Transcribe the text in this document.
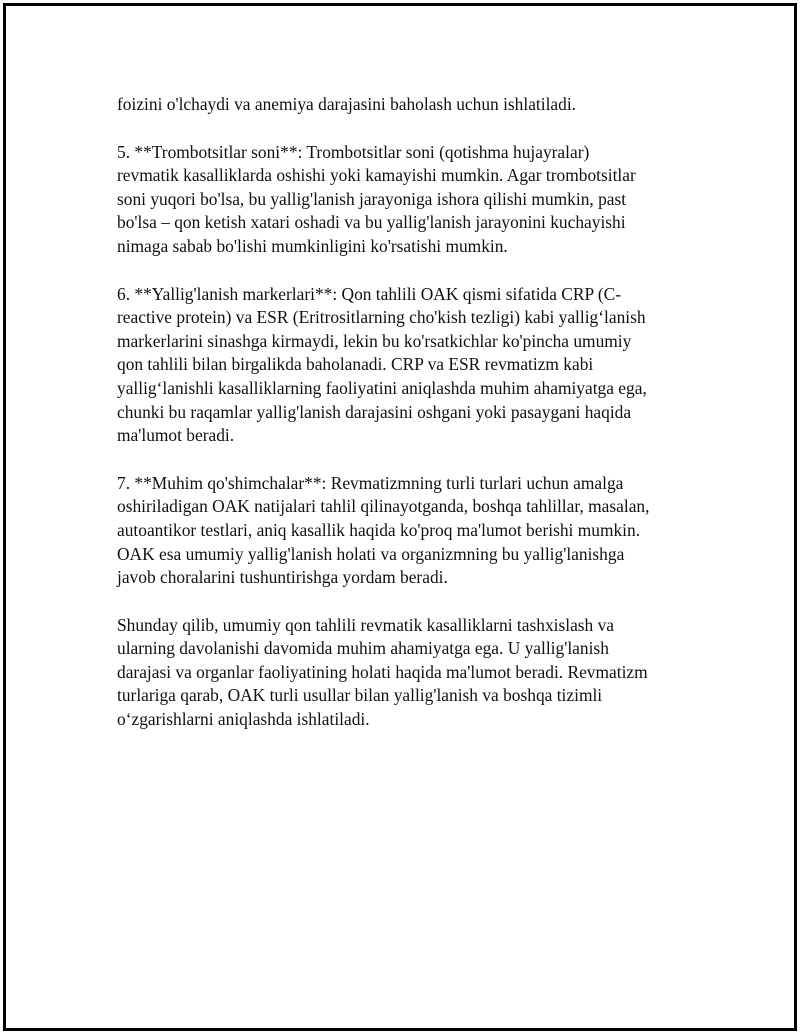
foizini o'lchaydi va anemiya darajasini baholash uchun ishlatiladi.

5. **Trombotsitlar soni**: Trombotsitlar soni (qotishma hujayralar)
revmatik kasalliklarda oshishi yoki kamayishi mumkin. Agar trombotsitlar
soni yuqori bo'lsa, bu yallig'lanish jarayoniga ishora qilishi mumkin, past
bo'lsa – qon ketish xatari oshadi va bu yallig'lanish jarayonini kuchayishi
nimaga sabab bo'lishi mumkinligini ko'rsatishi mumkin.

6. **Yallig'lanish markerlari**: Qon tahlili OAK qismi sifatida CRP (C-
reactive protein) va ESR (Eritrositlarning cho'kish tezligi) kabi yallig‘lanish
markerlarini sinashga kirmaydi, lekin bu ko'rsatkichlar ko'pincha umumiy
qon tahlili bilan birgalikda baholanadi. CRP va ESR revmatizm kabi
yallig‘lanishli kasalliklarning faoliyatini aniqlashda muhim ahamiyatga ega,
chunki bu raqamlar yallig'lanish darajasini oshgani yoki pasaygani haqida
ma'lumot beradi.

7. **Muhim qo'shimchalar**: Revmatizmning turli turlari uchun amalga
oshiriladigan OAK natijalari tahlil qilinayotganda, boshqa tahlillar, masalan,
autoantikor testlari, aniq kasallik haqida ko'proq ma'lumot berishi mumkin.
OAK esa umumiy yallig'lanish holati va organizmning bu yallig'lanishga
javob choralarini tushuntirishga yordam beradi.

Shunday qilib, umumiy qon tahlili revmatik kasalliklarni tashxislash va
ularning davolanishi davomida muhim ahamiyatga ega. U yallig'lanish
darajasi va organlar faoliyatining holati haqida ma'lumot beradi. Revmatizm
turlariga qarab, OAK turli usullar bilan yallig'lanish va boshqa tizimli
o‘zgarishlarni aniqlashda ishlatiladi.
